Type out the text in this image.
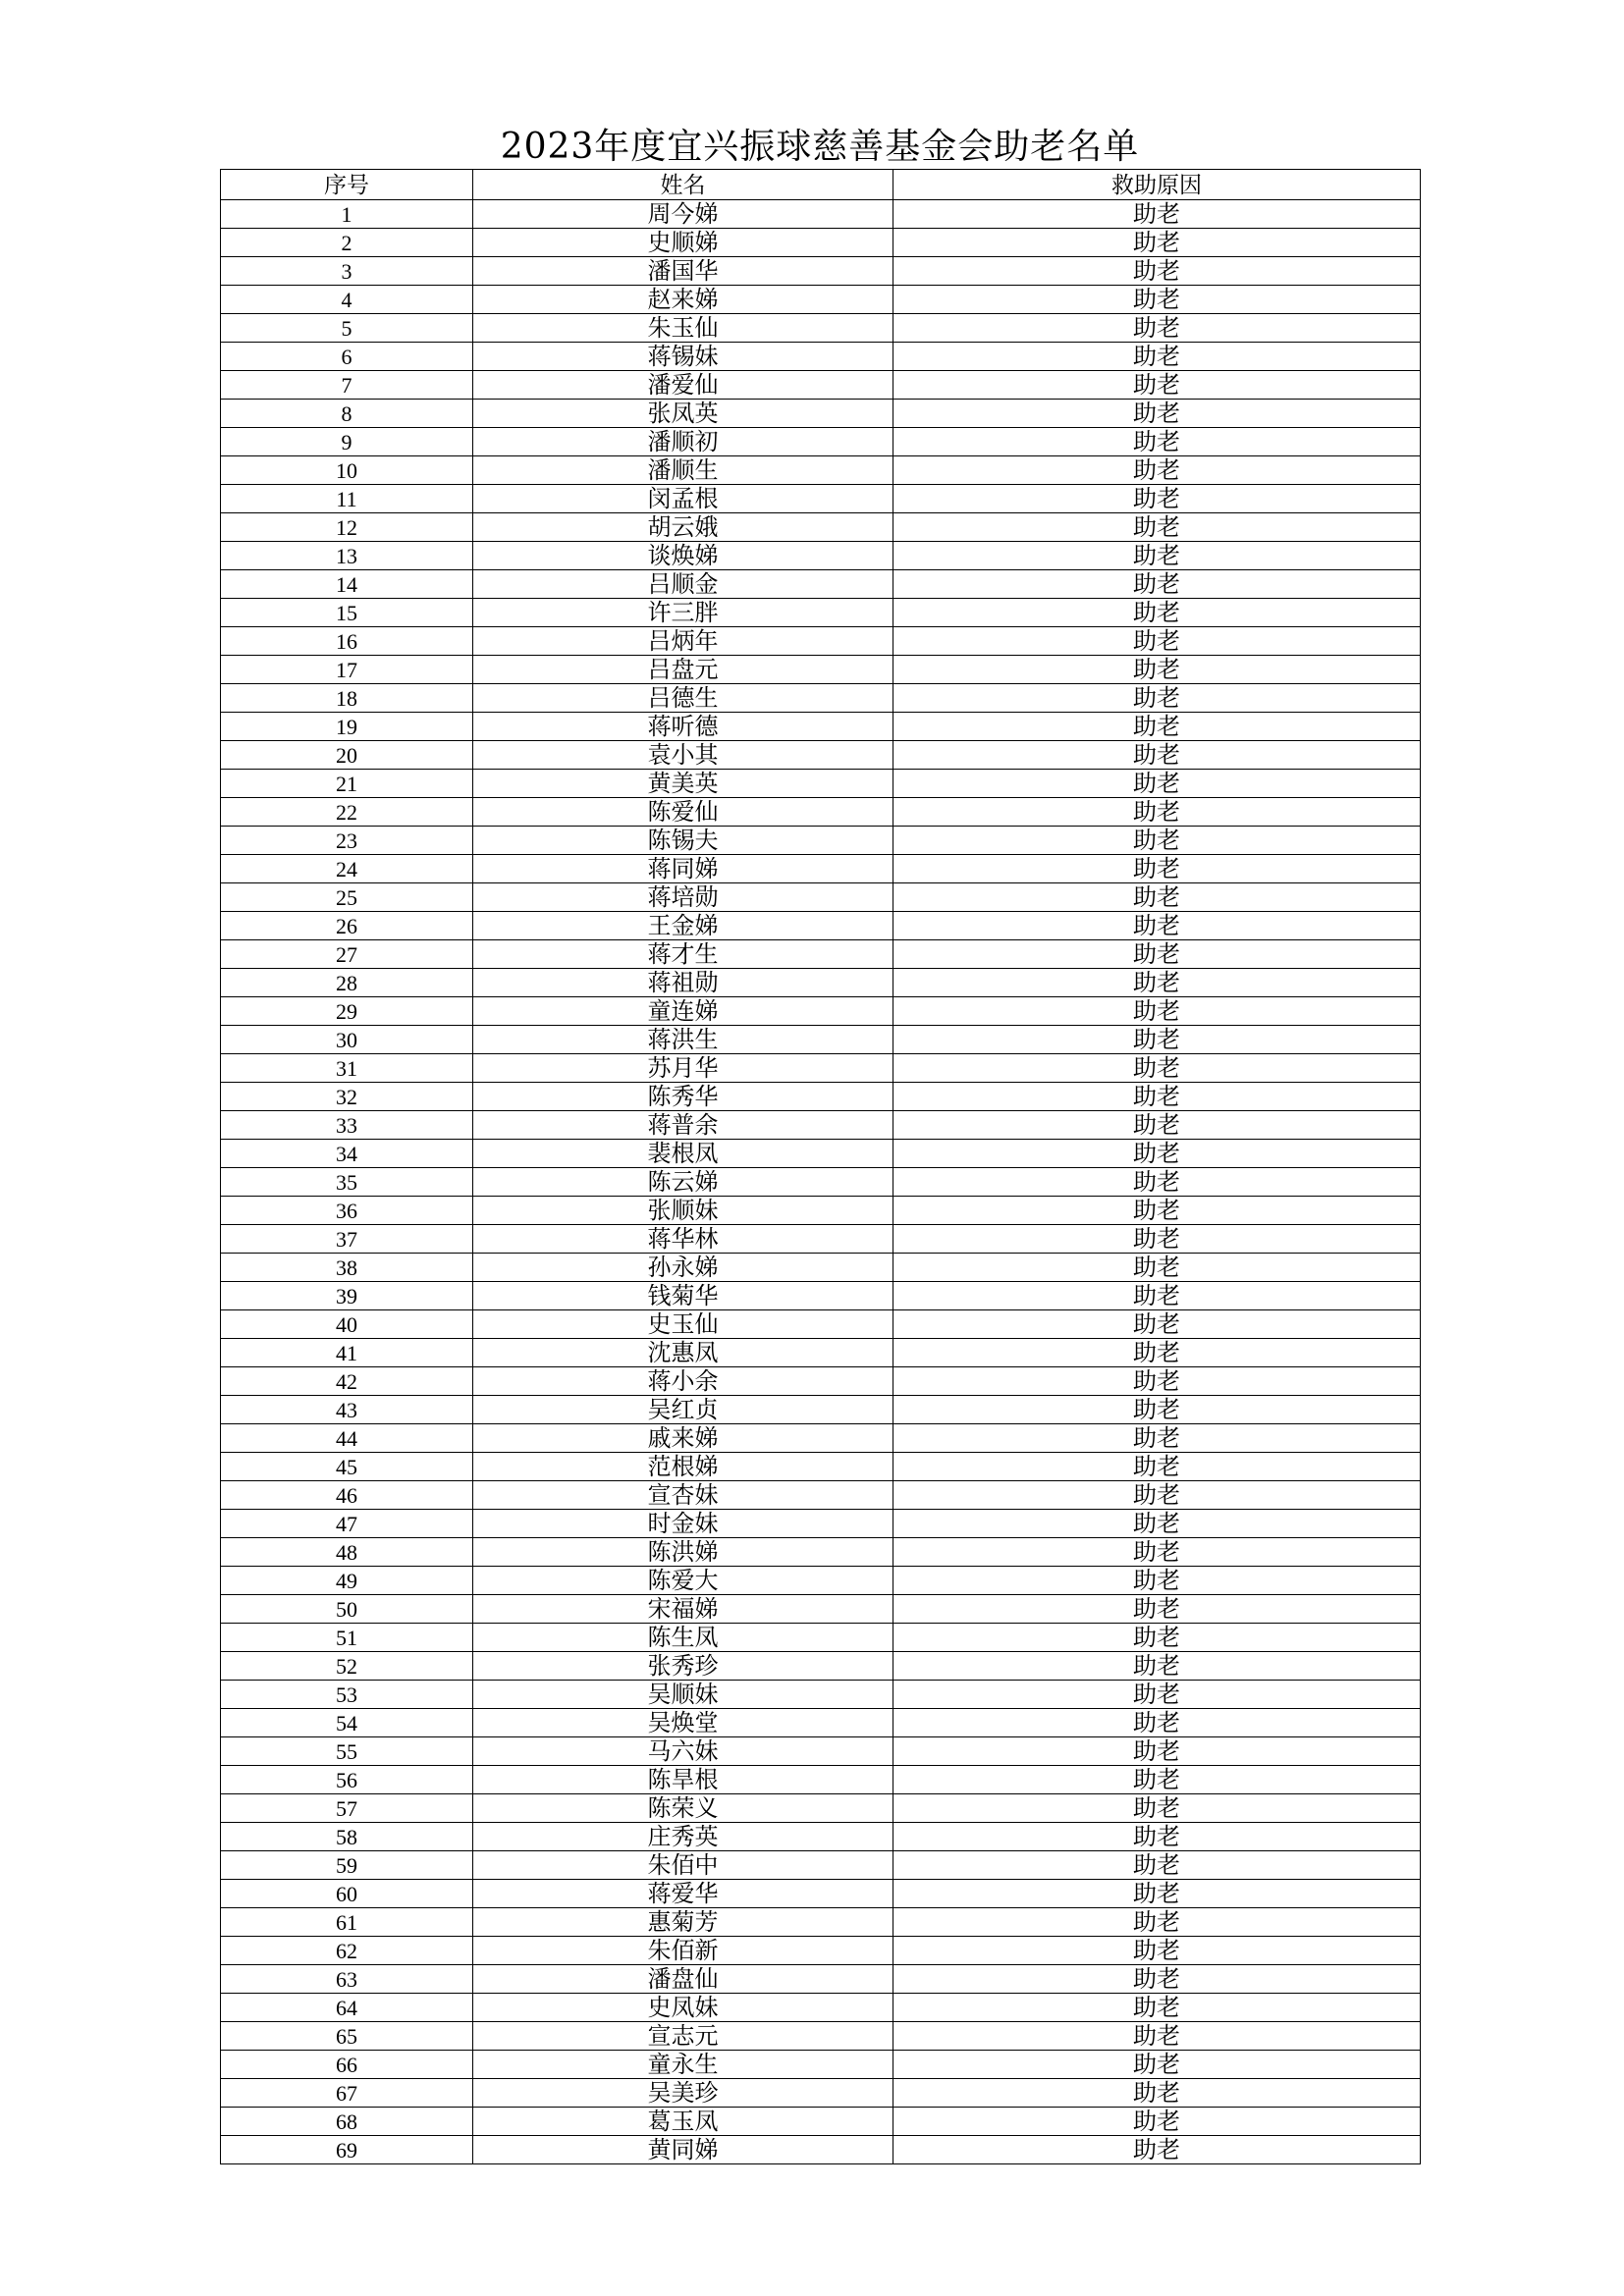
2023年度宜兴振球慈善基金会助老名单
序号	姓名	救助原因
1	周今娣	助老
2	史顺娣	助老
3	潘国华	助老
4	赵来娣	助老
5	朱玉仙	助老
6	蒋锡妹	助老
7	潘爱仙	助老
8	张凤英	助老
9	潘顺初	助老
10	潘顺生	助老
11	闵孟根	助老
12	胡云娥	助老
13	谈焕娣	助老
14	吕顺金	助老
15	许三胖	助老
16	吕炳年	助老
17	吕盘元	助老
18	吕德生	助老
19	蒋听德	助老
20	袁小其	助老
21	黄美英	助老
22	陈爱仙	助老
23	陈锡夫	助老
24	蒋同娣	助老
25	蒋培勋	助老
26	王金娣	助老
27	蒋才生	助老
28	蒋祖勋	助老
29	童连娣	助老
30	蒋洪生	助老
31	苏月华	助老
32	陈秀华	助老
33	蒋普余	助老
34	裴根凤	助老
35	陈云娣	助老
36	张顺妹	助老
37	蒋华林	助老
38	孙永娣	助老
39	钱菊华	助老
40	史玉仙	助老
41	沈惠凤	助老
42	蒋小余	助老
43	吴红贞	助老
44	戚来娣	助老
45	范根娣	助老
46	宣杏妹	助老
47	时金妹	助老
48	陈洪娣	助老
49	陈爱大	助老
50	宋福娣	助老
51	陈生凤	助老
52	张秀珍	助老
53	吴顺妹	助老
54	吴焕堂	助老
55	马六妹	助老
56	陈旱根	助老
57	陈荣义	助老
58	庄秀英	助老
59	朱佰中	助老
60	蒋爱华	助老
61	惠菊芳	助老
62	朱佰新	助老
63	潘盘仙	助老
64	史凤妹	助老
65	宣志元	助老
66	童永生	助老
67	吴美珍	助老
68	葛玉凤	助老
69	黄同娣	助老
